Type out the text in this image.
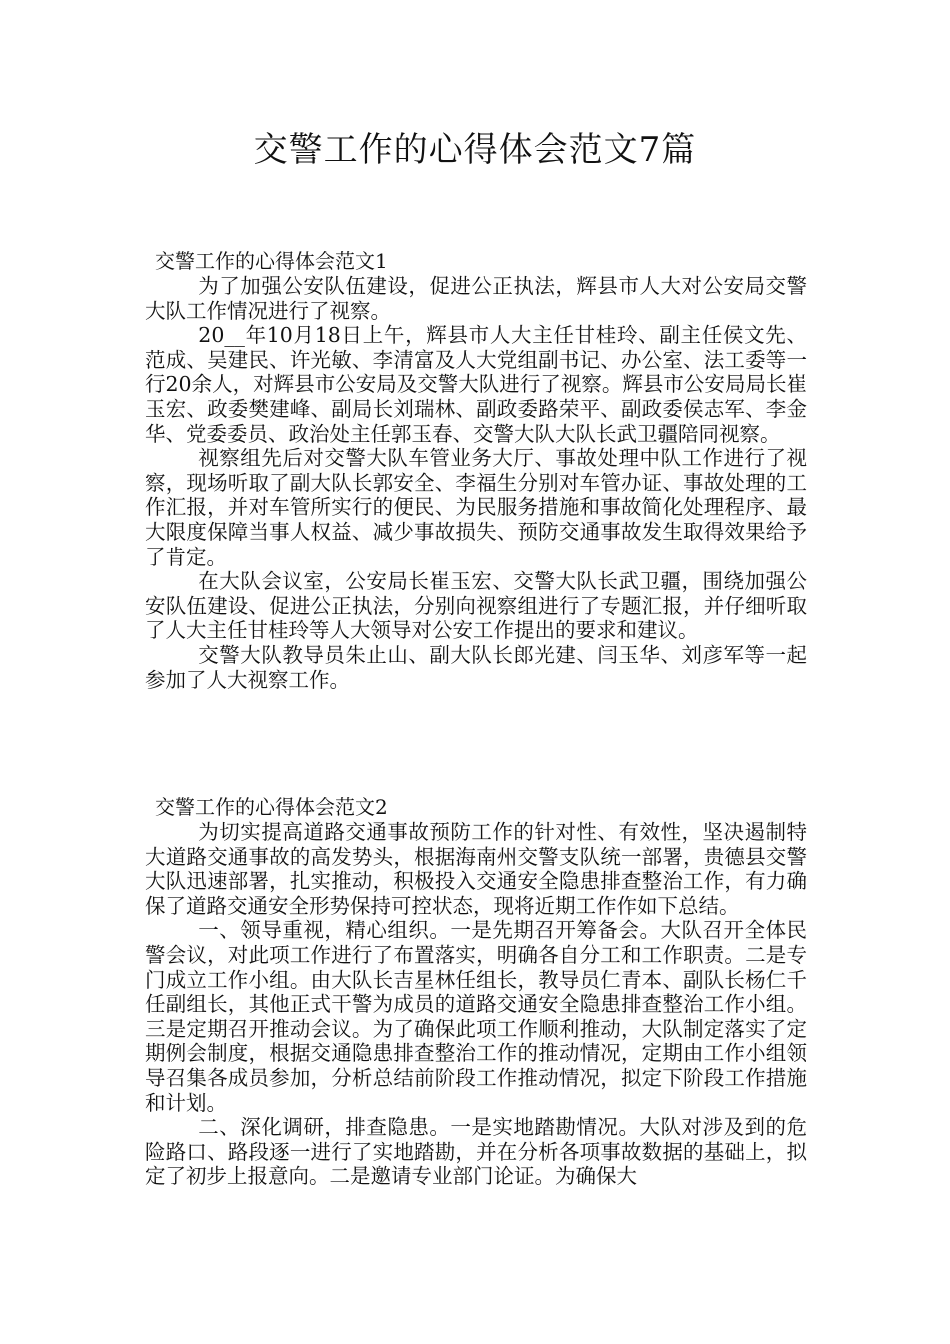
交警工作的心得体会范文7篇

交警工作的心得体会范文1

为了加强公安队伍建设，促进公正执法，辉县市人大对公安局交警大队工作情况进行了视察。

20__年10月18日上午，辉县市人大主任甘桂玲、副主任侯文先、范成、吴建民、许光敏、李清富及人大党组副书记、办公室、法工委等一行20余人，对辉县市公安局及交警大队进行了视察。辉县市公安局局长崔玉宏、政委樊建峰、副局长刘瑞林、副政委路荣平、副政委侯志军、李金华、党委委员、政治处主任郭玉春、交警大队大队长武卫疆陪同视察。

视察组先后对交警大队车管业务大厅、事故处理中队工作进行了视察，现场听取了副大队长郭安全、李福生分别对车管办证、事故处理的工作汇报，并对车管所实行的便民、为民服务措施和事故简化处理程序、最大限度保障当事人权益、减少事故损失、预防交通事故发生取得效果给予了肯定。

在大队会议室，公安局长崔玉宏、交警大队长武卫疆，围绕加强公安队伍建设、促进公正执法，分别向视察组进行了专题汇报，并仔细听取了人大主任甘桂玲等人大领导对公安工作提出的要求和建议。

交警大队教导员朱止山、副大队长郎光建、闫玉华、刘彦军等一起参加了人大视察工作。

交警工作的心得体会范文2

为切实提高道路交通事故预防工作的针对性、有效性，坚决遏制特大道路交通事故的高发势头，根据海南州交警支队统一部署，贵德县交警大队迅速部署，扎实推动，积极投入交通安全隐患排查整治工作，有力确保了道路交通安全形势保持可控状态，现将近期工作作如下总结。

一、领导重视，精心组织。一是先期召开筹备会。大队召开全体民警会议，对此项工作进行了布置落实，明确各自分工和工作职责。二是专门成立工作小组。由大队长吉星林任组长，教导员仁青本、副队长杨仁千任副组长，其他正式干警为成员的道路交通安全隐患排查整治工作小组。三是定期召开推动会议。为了确保此项工作顺利推动，大队制定落实了定期例会制度，根据交通隐患排查整治工作的推动情况，定期由工作小组领导召集各成员参加，分析总结前阶段工作推动情况，拟定下阶段工作措施和计划。

二、深化调研，排查隐患。一是实地踏勘情况。大队对涉及到的危险路口、路段逐一进行了实地踏勘，并在分析各项事故数据的基础上，拟定了初步上报意向。二是邀请专业部门论证。为确保大
